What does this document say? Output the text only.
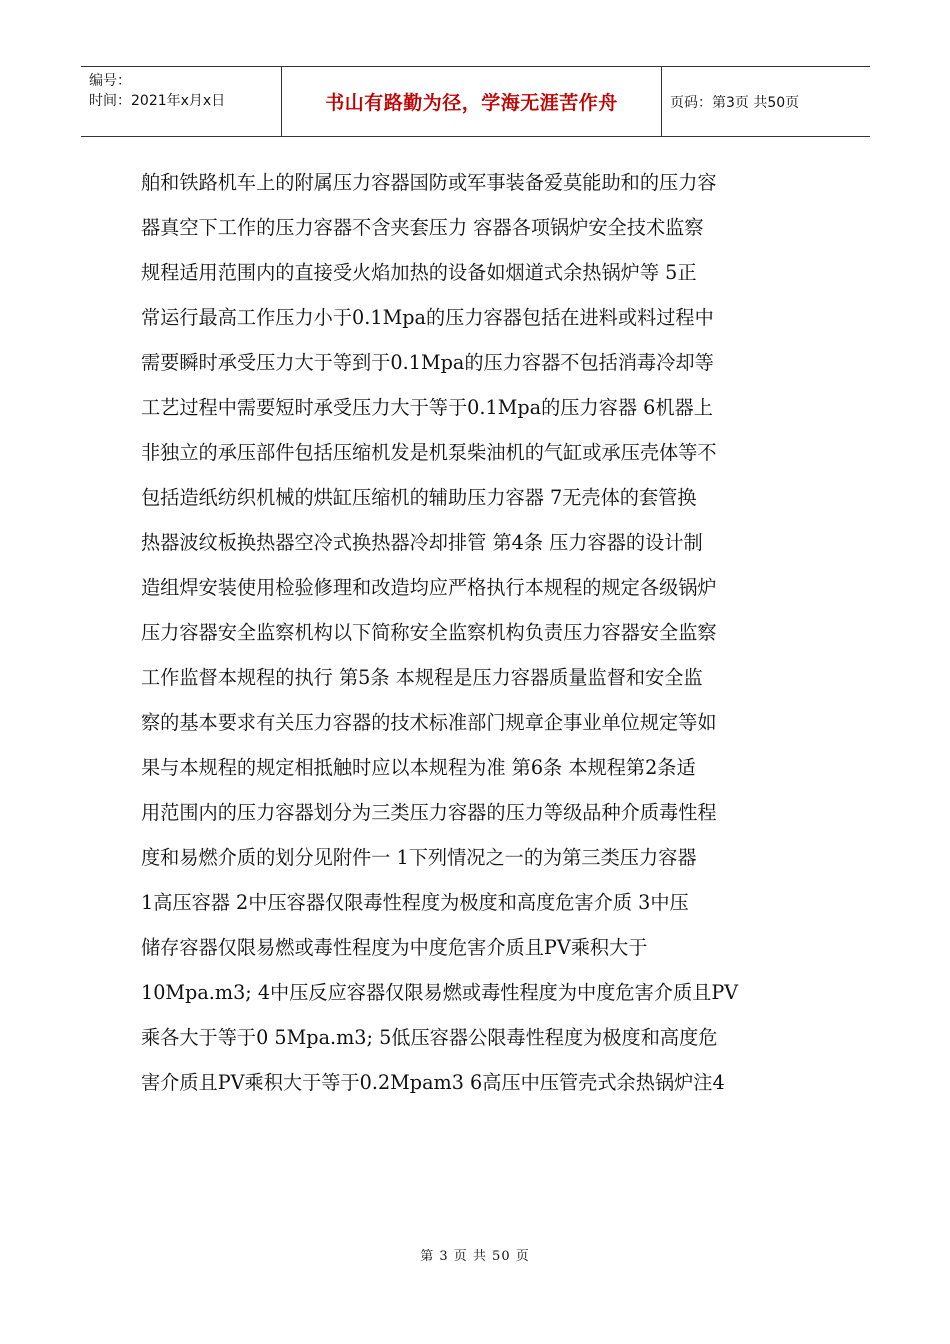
编号：
时间：2021年x月x日	书山有路勤为径，学海无涯苦作舟	页码：第3页 共50页
舶和铁路机车上的附属压力容器国防或军事装备爱莫能助和的压力容
器真空下工作的压力容器不含夹套压力 容器各项锅炉安全技术监察
规程适用范围内的直接受火焰加热的设备如烟道式余热锅炉等 5正
常运行最高工作压力小于0.1Mpa的压力容器包括在进料或料过程中
需要瞬时承受压力大于等到于0.1Mpa的压力容器不包括消毒冷却等
工艺过程中需要短时承受压力大于等于0.1Mpa的压力容器 6机器上
非独立的承压部件包括压缩机发是机泵柴油机的气缸或承压壳体等不
包括造纸纺织机械的烘缸压缩机的辅助压力容器 7无壳体的套管换
热器波纹板换热器空冷式换热器冷却排管 第4条 压力容器的设计制
造组焊安装使用检验修理和改造均应严格执行本规程的规定各级锅炉
压力容器安全监察机构以下简称安全监察机构负责压力容器安全监察
工作监督本规程的执行 第5条 本规程是压力容器质量监督和安全监
察的基本要求有关压力容器的技术标准部门规章企事业单位规定等如
果与本规程的规定相抵触时应以本规程为准 第6条 本规程第2条适
用范围内的压力容器划分为三类压力容器的压力等级品种介质毒性程
度和易燃介质的划分见附件一 1下列情况之一的为第三类压力容器
1高压容器 2中压容器仅限毒性程度为极度和高度危害介质 3中压
储存容器仅限易燃或毒性程度为中度危害介质且PV乘积大于
10Mpa.m3; 4中压反应容器仅限易燃或毒性程度为中度危害介质且PV
乘各大于等于0 5Mpa.m3; 5低压容器公限毒性程度为极度和高度危
害介质且PV乘积大于等于0.2Mpam3 6高压中压管壳式余热锅炉注4
第 3 页 共 50 页
